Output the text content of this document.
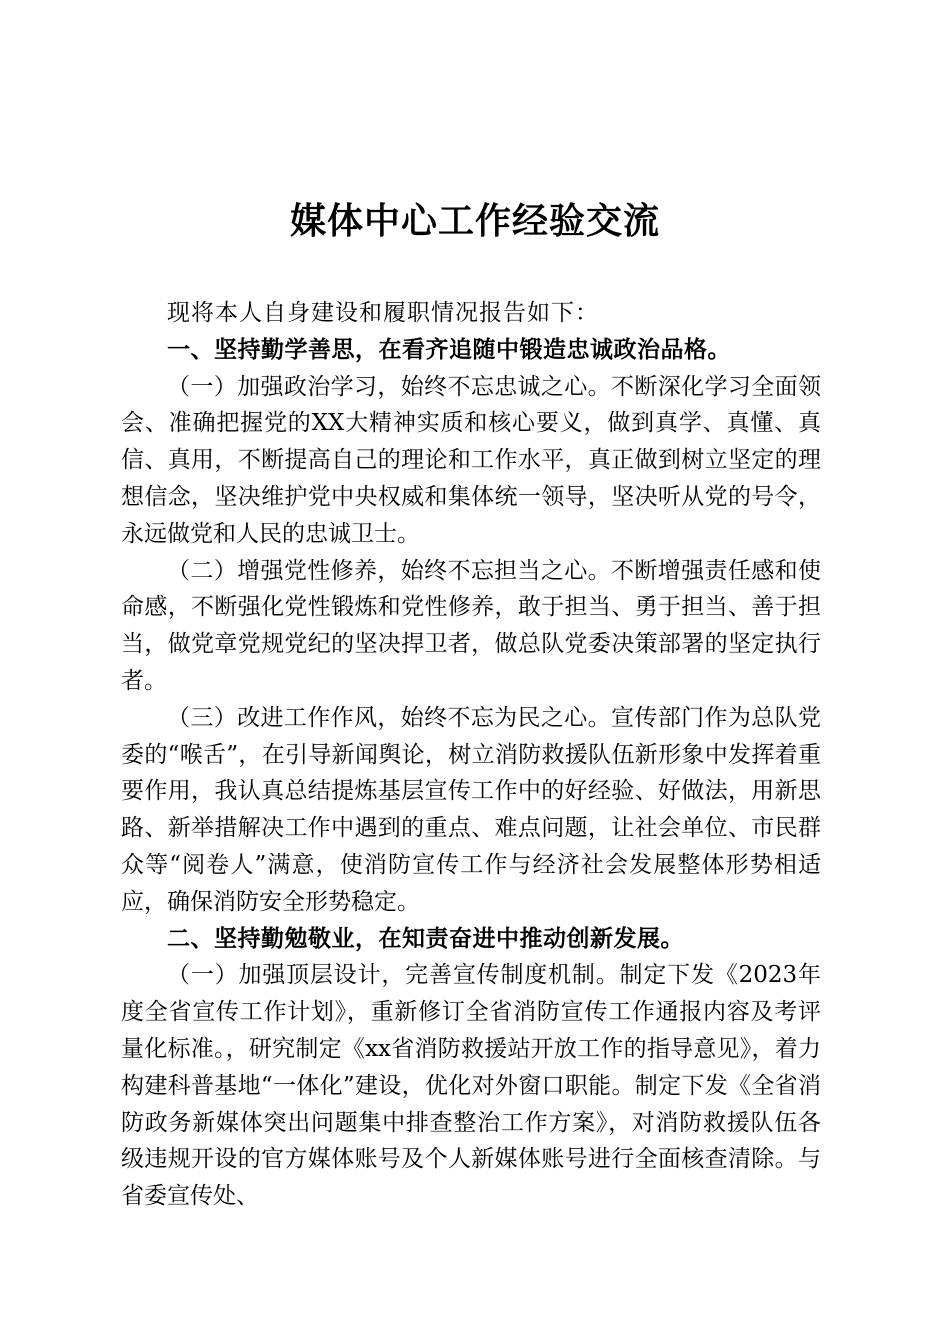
媒体中心工作经验交流

现将本人自身建设和履职情况报告如下：

一、坚持勤学善思，在看齐追随中锻造忠诚政治品格。

（一）加强政治学习，始终不忘忠诚之心。不断深化学习全面领会、准确把握党的XX大精神实质和核心要义，做到真学、真懂、真信、真用，不断提高自己的理论和工作水平，真正做到树立坚定的理想信念，坚决维护党中央权威和集体统一领导，坚决听从党的号令，永远做党和人民的忠诚卫士。

（二）增强党性修养，始终不忘担当之心。不断增强责任感和使命感，不断强化党性锻炼和党性修养，敢于担当、勇于担当、善于担当，做党章党规党纪的坚决捍卫者，做总队党委决策部署的坚定执行者。

（三）改进工作作风，始终不忘为民之心。宣传部门作为总队党委的“喉舌”，在引导新闻舆论，树立消防救援队伍新形象中发挥着重要作用，我认真总结提炼基层宣传工作中的好经验、好做法，用新思路、新举措解决工作中遇到的重点、难点问题，让社会单位、市民群众等“阅卷人”满意，使消防宣传工作与经济社会发展整体形势相适应，确保消防安全形势稳定。

二、坚持勤勉敬业，在知责奋进中推动创新发展。

（一）加强顶层设计，完善宣传制度机制。制定下发《2023年度全省宣传工作计划》，重新修订全省消防宣传工作通报内容及考评量化标准。，研究制定《xx省消防救援站开放工作的指导意见》，着力构建科普基地“一体化”建设，优化对外窗口职能。制定下发《全省消防政务新媒体突出问题集中排查整治工作方案》，对消防救援队伍各级违规开设的官方媒体账号及个人新媒体账号进行全面核查清除。与省委宣传处、
